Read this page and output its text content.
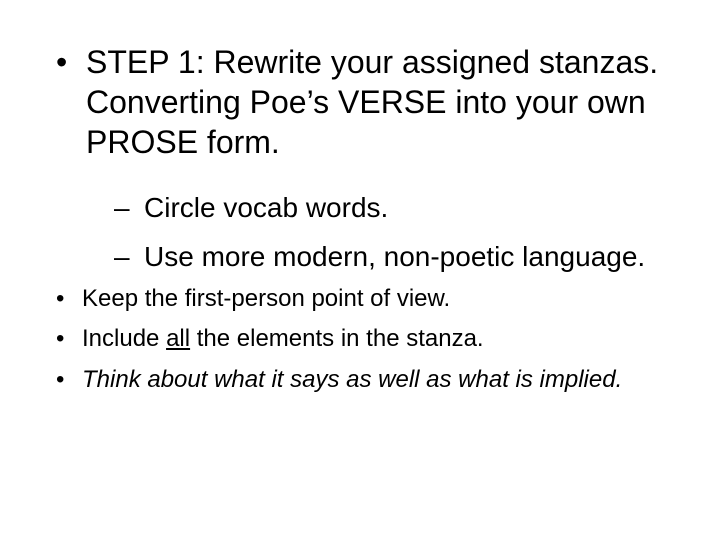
• STEP 1: Rewrite your assigned stanzas. Converting Poe’s VERSE into your own PROSE form.
– Circle vocab words.
– Use more modern, non-poetic language.
• Keep the first-person point of view.
• Include all the elements in the stanza.
• Think about what it says as well as what is implied.
